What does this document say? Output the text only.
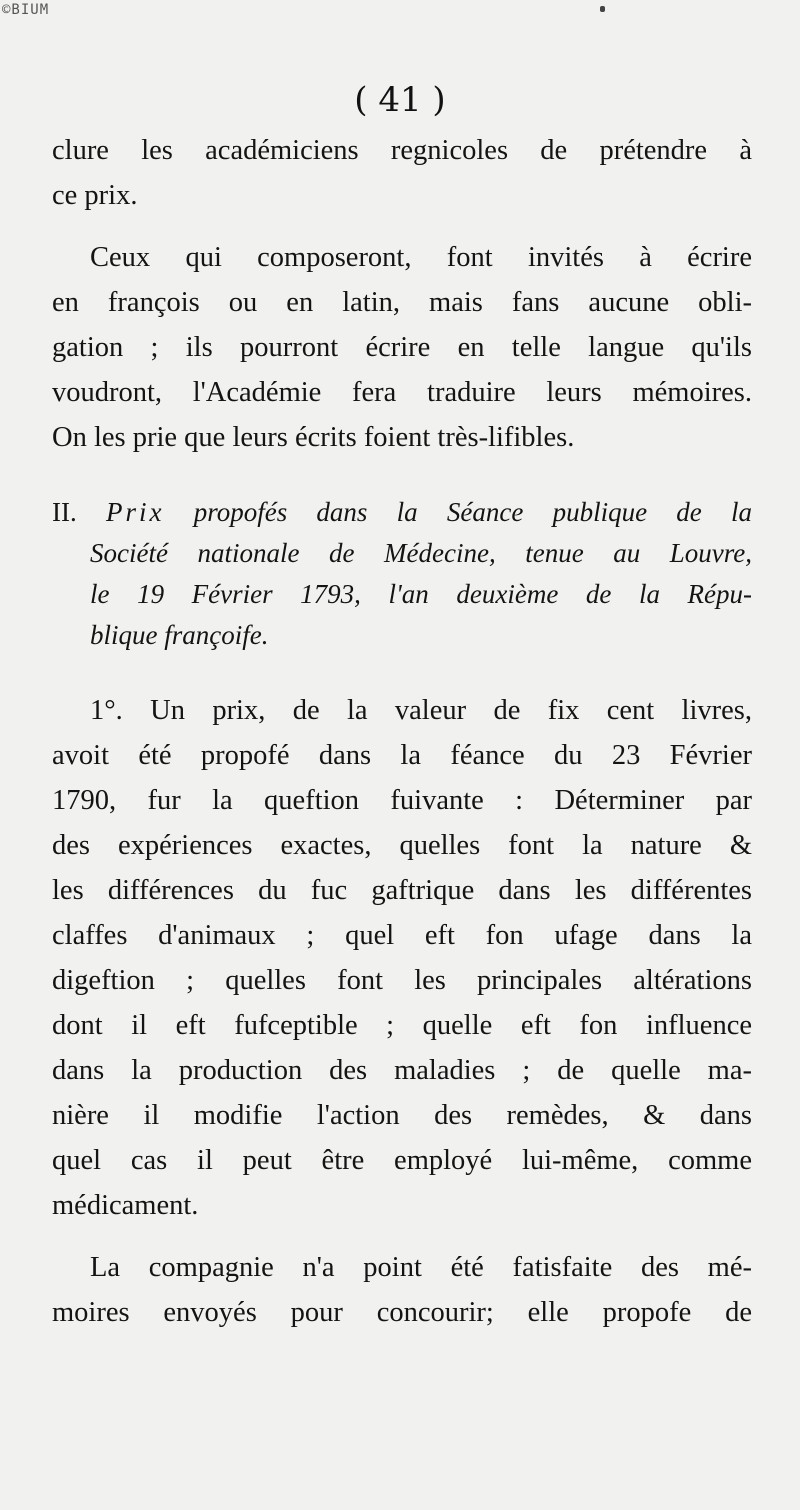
©BIUM
( 41 )

clure les académiciens regnicoles de prétendre à

ce prix.

Ceux qui composeront, font invités à écrire

en françois ou en latin, mais fans aucune obli-

gation ; ils pourront écrire en telle langue qu'ils

voudront, l'Académie fera traduire leurs mémoires.

On les prie que leurs écrits foient très-lifibles.

II. Prix propofés dans la Séance publique de la

Société nationale de Médecine, tenue au Louvre,

le 19 Février 1793, l'an deuxième de la Répu-

blique françoife.

1°. Un prix, de la valeur de fix cent livres,

avoit été propofé dans la féance du 23 Février

1790, fur la queftion fuivante : Déterminer par

des expériences exactes, quelles font la nature &

les différences du fuc gaftrique dans les différentes

claffes d'animaux ; quel eft fon ufage dans la

digeftion ; quelles font les principales altérations

dont il eft fufceptible ; quelle eft fon influence

dans la production des maladies ; de quelle ma-

nière il modifie l'action des remèdes, & dans

quel cas il peut être employé lui-même, comme

médicament.

La compagnie n'a point été fatisfaite des mé-

moires envoyés pour concourir; elle propofe de
